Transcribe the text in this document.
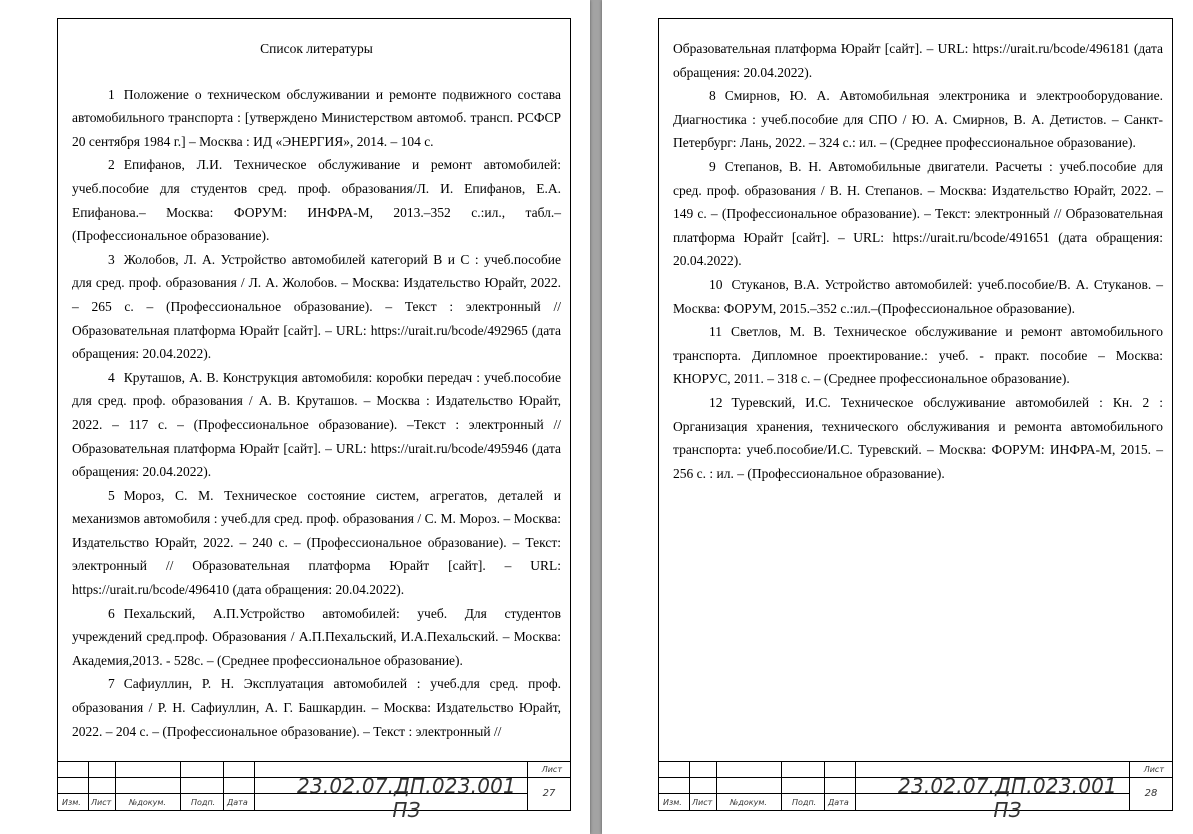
Список литературы

1 Положение о техническом обслуживании и ремонте подвижного состава автомобильного транспорта : [утверждено Министерством автомоб. трансп. РСФСР 20 сентября 1984 г.] – Москва : ИД «ЭНЕРГИЯ», 2014. – 104 с.

2 Епифанов, Л.И. Техническое обслуживание и ремонт автомобилей: учеб.пособие для студентов сред. проф. образования/Л. И. Епифанов, Е.А. Епифанова.– Москва: ФОРУМ: ИНФРА-М, 2013.–352 с.:ил., табл.– (Профессиональное образование).

3 Жолобов, Л. А. Устройство автомобилей категорий B и C : учеб.пособие для сред. проф. образования / Л. А. Жолобов. – Москва: Издательство Юрайт, 2022. – 265 с. – (Профессиональное образование). – Текст : электронный // Образовательная платформа Юрайт [сайт]. – URL: https://urait.ru/bcode/492965 (дата обращения: 20.04.2022).

4 Круташов, А. В. Конструкция автомобиля: коробки передач : учеб.пособие для сред. проф. образования / А. В. Круташов. – Москва : Издательство Юрайт, 2022. – 117 с. – (Профессиональное образование). –Текст : электронный // Образовательная платформа Юрайт [сайт]. – URL: https://urait.ru/bcode/495946 (дата обращения: 20.04.2022).

5 Мороз, С. М. Техническое состояние систем, агрегатов, деталей и механизмов автомобиля : учеб.для сред. проф. образования / С. М. Мороз. – Москва: Издательство Юрайт, 2022. – 240 с. – (Профессиональное образование). – Текст: электронный // Образовательная платформа Юрайт [сайт]. – URL: https://urait.ru/bcode/496410 (дата обращения: 20.04.2022).

6 Пехальский, А.П.Устройство автомобилей: учеб. Для студентов учреждений сред.проф. Образования / А.П.Пехальский, И.А.Пехальский. – Москва: Академия,2013. - 528с. – (Среднее профессиональное образование).

7 Сафиуллин, Р. Н. Эксплуатация автомобилей : учеб.для сред. проф. образования / Р. Н. Сафиуллин, А. Г. Башкардин. – Москва: Издательство Юрайт, 2022. – 204 с. – (Профессиональное образование). – Текст : электронный //

Изм. Лист №докум.	Подп. Дата
23.02.07.ДП.023.001 ПЗ
Лист
27

Образовательная платформа Юрайт [сайт]. – URL: https://urait.ru/bcode/496181 (дата обращения: 20.04.2022).

8 Смирнов, Ю. А. Автомобильная электроника и электрооборудование. Диагностика : учеб.пособие для СПО / Ю. А. Смирнов, В. А. Детистов. – Санкт-Петербург: Лань, 2022. – 324 с.: ил. – (Среднее профессиональное образование).

9 Степанов, В. Н. Автомобильные двигатели. Расчеты : учеб.пособие для сред. проф. образования / В. Н. Степанов. – Москва: Издательство Юрайт, 2022. – 149 с. – (Профессиональное образование). – Текст: электронный // Образовательная платформа Юрайт [сайт]. – URL: https://urait.ru/bcode/491651 (дата обращения: 20.04.2022).

10 Стуканов, В.А. Устройство автомобилей: учеб.пособие/В. А. Стуканов. – Москва: ФОРУМ, 2015.–352 с.:ил.–(Профессиональное образование).

11 Светлов, М. В. Техническое обслуживание и ремонт автомобильного транспорта. Дипломное проектирование.: учеб. - практ. пособие – Москва: КНОРУС, 2011. – 318 с. – (Среднее профессиональное образование).

12 Туревский, И.С. Техническое обслуживание автомобилей : Кн. 2 : Организация хранения, технического обслуживания и ремонта автомобильного транспорта: учеб.пособие/И.С. Туревский. – Москва: ФОРУМ: ИНФРА-М, 2015. – 256 с. : ил. – (Профессиональное образование).

Изм. Лист №докум.	Подп. Дата
23.02.07.ДП.023.001 ПЗ
Лист
28
